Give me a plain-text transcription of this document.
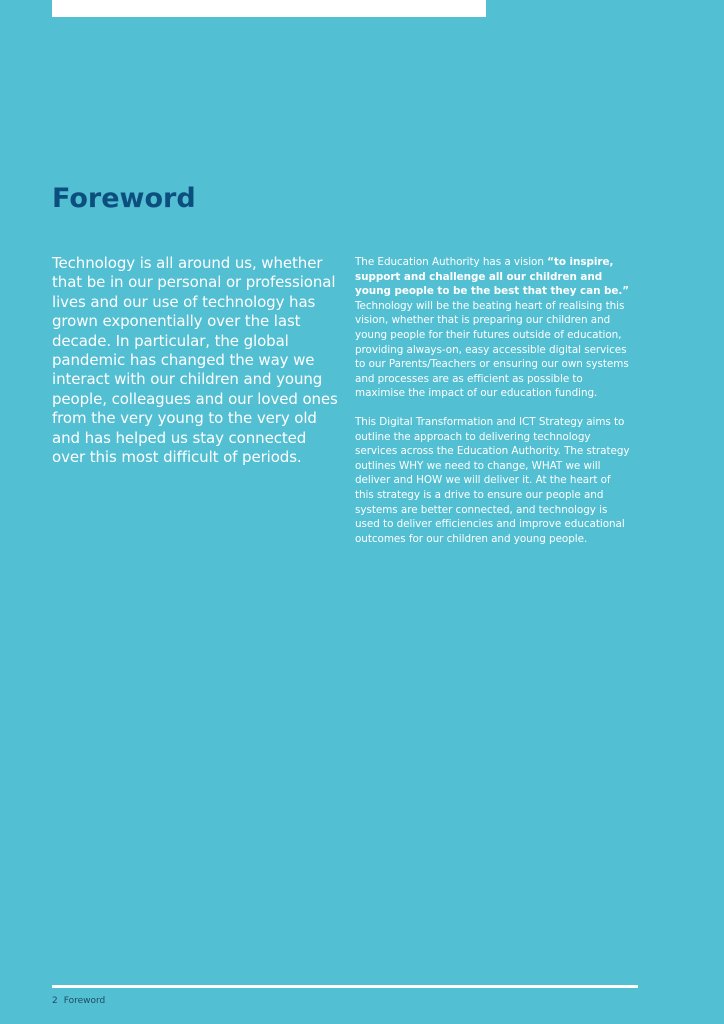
Foreword

Technology is all around us, whether that be in our personal or professional lives and our use of technology has grown exponentially over the last decade. In particular, the global pandemic has changed the way we interact with our children and young people, colleagues and our loved ones from the very young to the very old and has helped us stay connected over this most difficult of periods.

The Education Authority has a vision “to inspire, support and challenge all our children and young people to be the best that they can be.” Technology will be the beating heart of realising this vision, whether that is preparing our children and young people for their futures outside of education, providing always-on, easy accessible digital services to our Parents/Teachers or ensuring our own systems and processes are as efficient as possible to maximise the impact of our education funding.

This Digital Transformation and ICT Strategy aims to outline the approach to delivering technology services across the Education Authority. The strategy outlines WHY we need to change, WHAT we will deliver and HOW we will deliver it. At the heart of this strategy is a drive to ensure our people and systems are better connected, and technology is used to deliver efficiencies and improve educational outcomes for our children and young people.

2 Foreword
